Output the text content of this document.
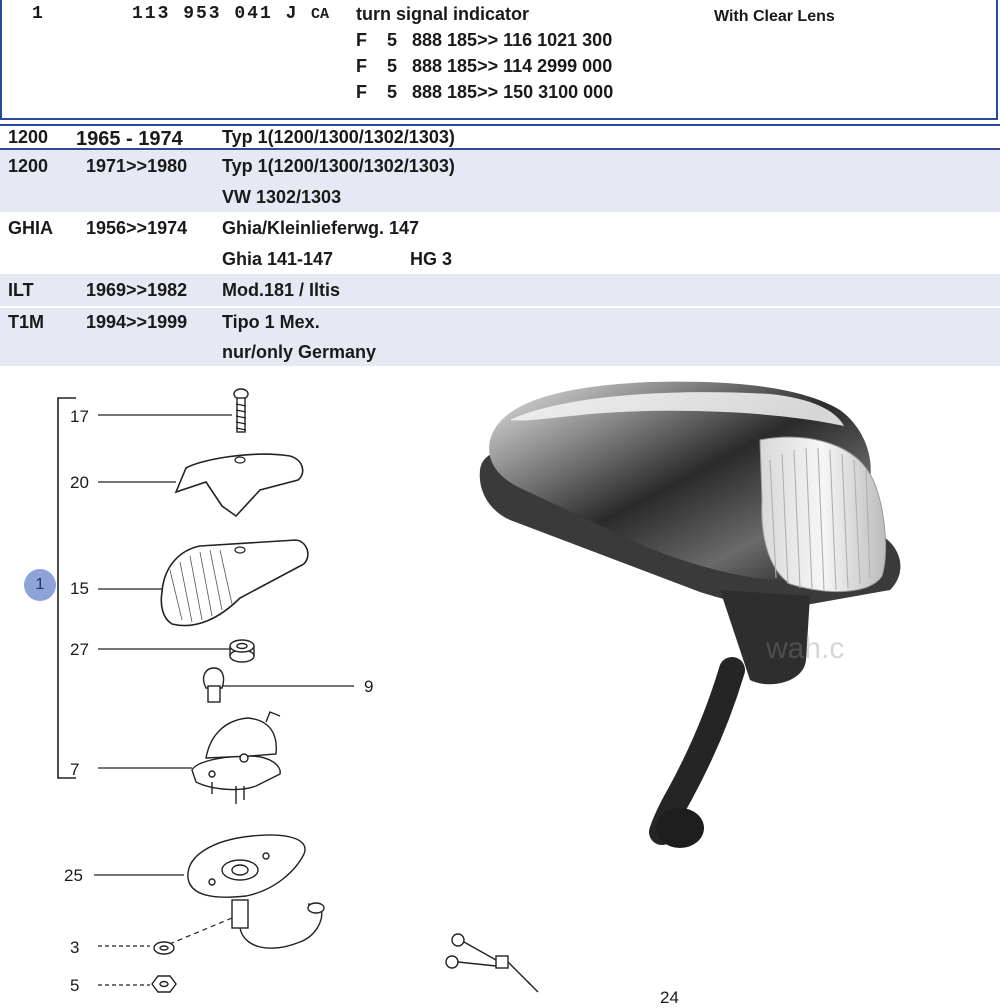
1	113 953 041 J CA turn signal indicator	With Clear Lens
F 5 888 185>> 116 1021 300
F 5 888 185>> 114 2999 000
F 5 888 185>> 150 3100 000
1200 1965 - 1974 Typ 1(1200/1300/1302/1303)
1200 1971>>1980 Typ 1(1200/1300/1302/1303)
VW 1302/1303
GHIA 1956>>1974 Ghia/Kleinlieferwg. 147
Ghia 141-147	HG 3
ILT	1969>>1982 Mod.181 / Iltis
T1M 1994>>1999 Tipo 1 Mex.
nur/only Germany
17
20
15
27
9
7
25
3
5
24
1
wah.c
